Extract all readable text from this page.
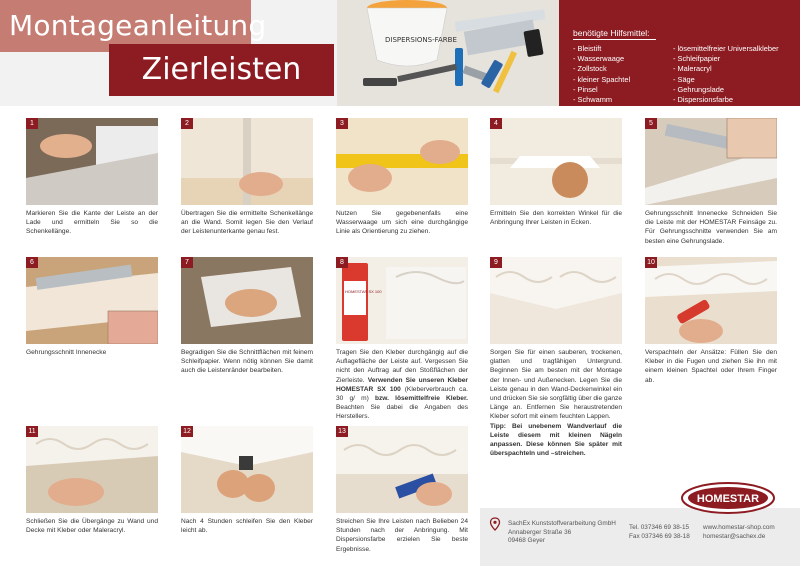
Montageanleitung
Zierleisten
DISPERSIONS-FARBE
benötigte Hilfsmittel:
- Bleistift
- Wasserwaage
- Zollstock
- kleiner Spachtel
- Pinsel
- Schwamm
- lösemittelfreier Universalkleber
- Schleifpapier
- Maleracryl
- Säge
- Gehrungslade
- Dispersionsfarbe
1
Markieren Sie die Kante der Leiste an der Lade und ermitteln Sie so die Schenkellänge.
2
Übertragen Sie die ermittelte Schenkellänge an die Wand. Somit legen Sie den Verlauf der Leistenunterkante genau fest.
3
Nutzen Sie gegebenenfalls eine Wasserwaage um sich eine durchgängige Linie als Orientierung zu ziehen.
4
Ermitteln Sie den korrekten Winkel für die Anbringung Ihrer Leisten in Ecken.
5
Gehrungsschnitt Innenecke Schneiden Sie die Leiste mit der HOMESTAR Feinsäge zu. Für Gehrungsschnitte verwenden Sie am besten eine Gehrungslade.
6
Gehrungsschnitt Innenecke
7
Begradigen Sie die Schnittflächen mit feinem Schleifpapier. Wenn nötig können Sie damit auch die Leistenränder bearbeiten.
HOMESTAR SX 100
8
Tragen Sie den Kleber durchgängig auf die Auflagefläche der Leiste auf. Vergessen Sie nicht den Auftrag auf den Stoßflächen der Zierleiste. Verwenden Sie unseren Kleber HOMESTAR SX 100 (Kleberverbrauch ca. 30 g/ m) bzw. lösemittelfreie Kleber. Beachten Sie dabei die Angaben des Herstellers.
9
Sorgen Sie für einen sauberen, trockenen, glatten und tragfähigen Untergrund. Beginnen Sie am besten mit der Montage der Innen- und Außenecken. Legen Sie die Leiste genau in den Wand-Deckenwinkel ein und drücken Sie sie sorgfältig über die ganze Länge an. Entfernen Sie heraustretenden Kleber sofort mit einem feuchten Lappen.
Tipp: Bei unebenem Wandverlauf die Leiste diesem mit kleinen Nägeln anpassen. Diese können Sie später mit überspachteln und –streichen.
10
Verspachteln der Ansätze: Füllen Sie den Kleber in die Fugen und ziehen Sie ihn mit einem kleinen Spachtel oder Ihrem Finger ab.
11
Schließen Sie die Übergänge zu Wand und Decke mit Kleber oder Maleracryl.
12
Nach 4 Stunden schleifen Sie den Kleber leicht ab.
13
Streichen Sie Ihre Leisten nach Belieben 24 Stunden nach der Anbringung. Mit Dispersionsfarbe erzielen Sie beste Ergebnisse.
SachEx Kunststoffverarbeitung GmbH
Annaberger Straße 36
09468 Geyer
Tel. 037346 69 38-15
Fax 037346 69 38-18
www.homestar-shop.com
homestar@sachex.de
HOMESTAR
